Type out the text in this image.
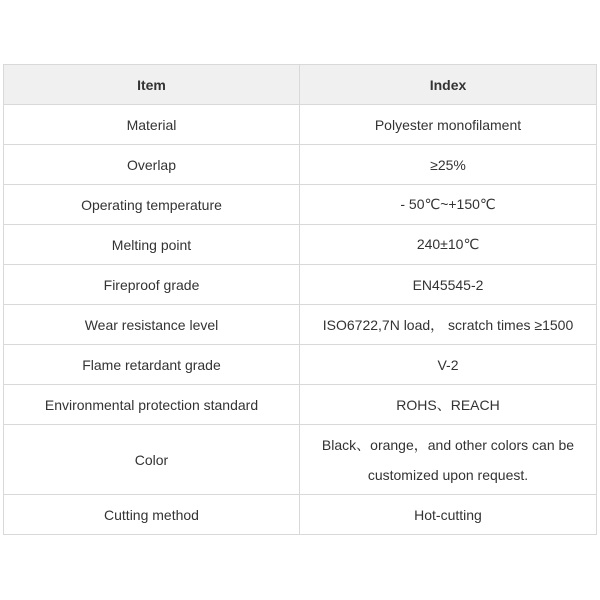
Item	Index
Material	Polyester monofilament
Overlap	≥25%
Operating temperature	- 50℃~+150℃
Melting point	240±10℃
Fireproof grade	EN45545-2
Wear resistance level	ISO6722,7N load， scratch times ≥1500
Flame retardant grade	V-2
Environmental protection standard	ROHS、REACH
Color	Black、orange，and other colors can be customized upon request.
Cutting method	Hot-cutting
